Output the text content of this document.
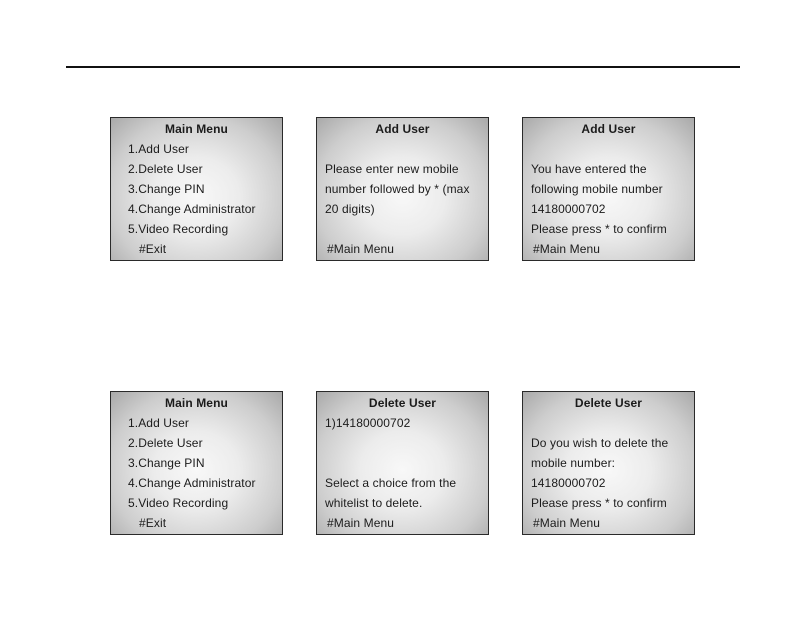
Main Menu
1.Add User
2.Delete User
3.Change PIN
4.Change Administrator
5.Video Recording
#Exit
Add User
Please enter new mobile
number followed by * (max
20 digits)
#Main Menu
Add User
You have entered the
following mobile number
14180000702
Please press * to confirm
#Main Menu
Main Menu
1.Add User
2.Delete User
3.Change PIN
4.Change Administrator
5.Video Recording
#Exit
Delete User
1)14180000702
Select a choice from the
whitelist to delete.
#Main Menu
Delete User
Do you wish to delete the
mobile number:
14180000702
Please press * to confirm
#Main Menu
